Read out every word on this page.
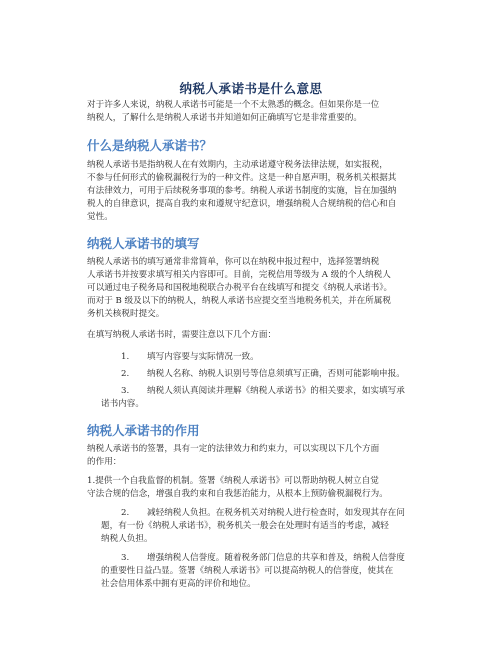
纳税人承诺书是什么意思
对于许多人来说，纳税人承诺书可能是一个不太熟悉的概念。但如果你是一位
纳税人，了解什么是纳税人承诺书并知道如何正确填写它是非常重要的。
什么是纳税人承诺书？
纳税人承诺书是指纳税人在有效期内，主动承诺遵守税务法律法规，如实报税，
不参与任何形式的偷税漏税行为的一种文件。这是一种自愿声明，税务机关根据其
有法律效力，可用于后续税务事项的参考。纳税人承诺书制度的实施，旨在加强纳
税人的自律意识，提高自我约束和遵规守纪意识，增强纳税人合规纳税的信心和自
觉性。
纳税人承诺书的填写
纳税人承诺书的填写通常非常简单，你可以在纳税申报过程中，选择签署纳税
人承诺书并按要求填写相关内容即可。目前，完税信用等级为 A 级的个人纳税人
可以通过电子税务局和国税地税联合办税平台在线填写和提交《纳税人承诺书》。
而对于 B 级及以下的纳税人，纳税人承诺书应提交至当地税务机关，并在所属税
务机关核税时提交。
在填写纳税人承诺书时，需要注意以下几个方面：
1. 填写内容要与实际情况一致。
2. 纳税人名称、纳税人识别号等信息须填写正确，否则可能影响申报。
3. 纳税人须认真阅读并理解《纳税人承诺书》的相关要求，如实填写承
诺书内容。
纳税人承诺书的作用
纳税人承诺书的签署，具有一定的法律效力和约束力，可以实现以下几个方面
的作用：
1.提供一个自我监督的机制。签署《纳税人承诺书》可以帮助纳税人树立自觉
守法合规的信念，增强自我约束和自我惩治能力，从根本上预防偷税漏税行为。
2. 减轻纳税人负担。在税务机关对纳税人进行检查时，如发现其存在问
题，有一份《纳税人承诺书》，税务机关一般会在处理时有适当的考虑，减轻
纳税人负担。
3. 增强纳税人信誉度。随着税务部门信息的共享和普及，纳税人信誉度
的重要性日益凸显。签署《纳税人承诺书》可以提高纳税人的信誉度，使其在
社会信用体系中拥有更高的评价和地位。
